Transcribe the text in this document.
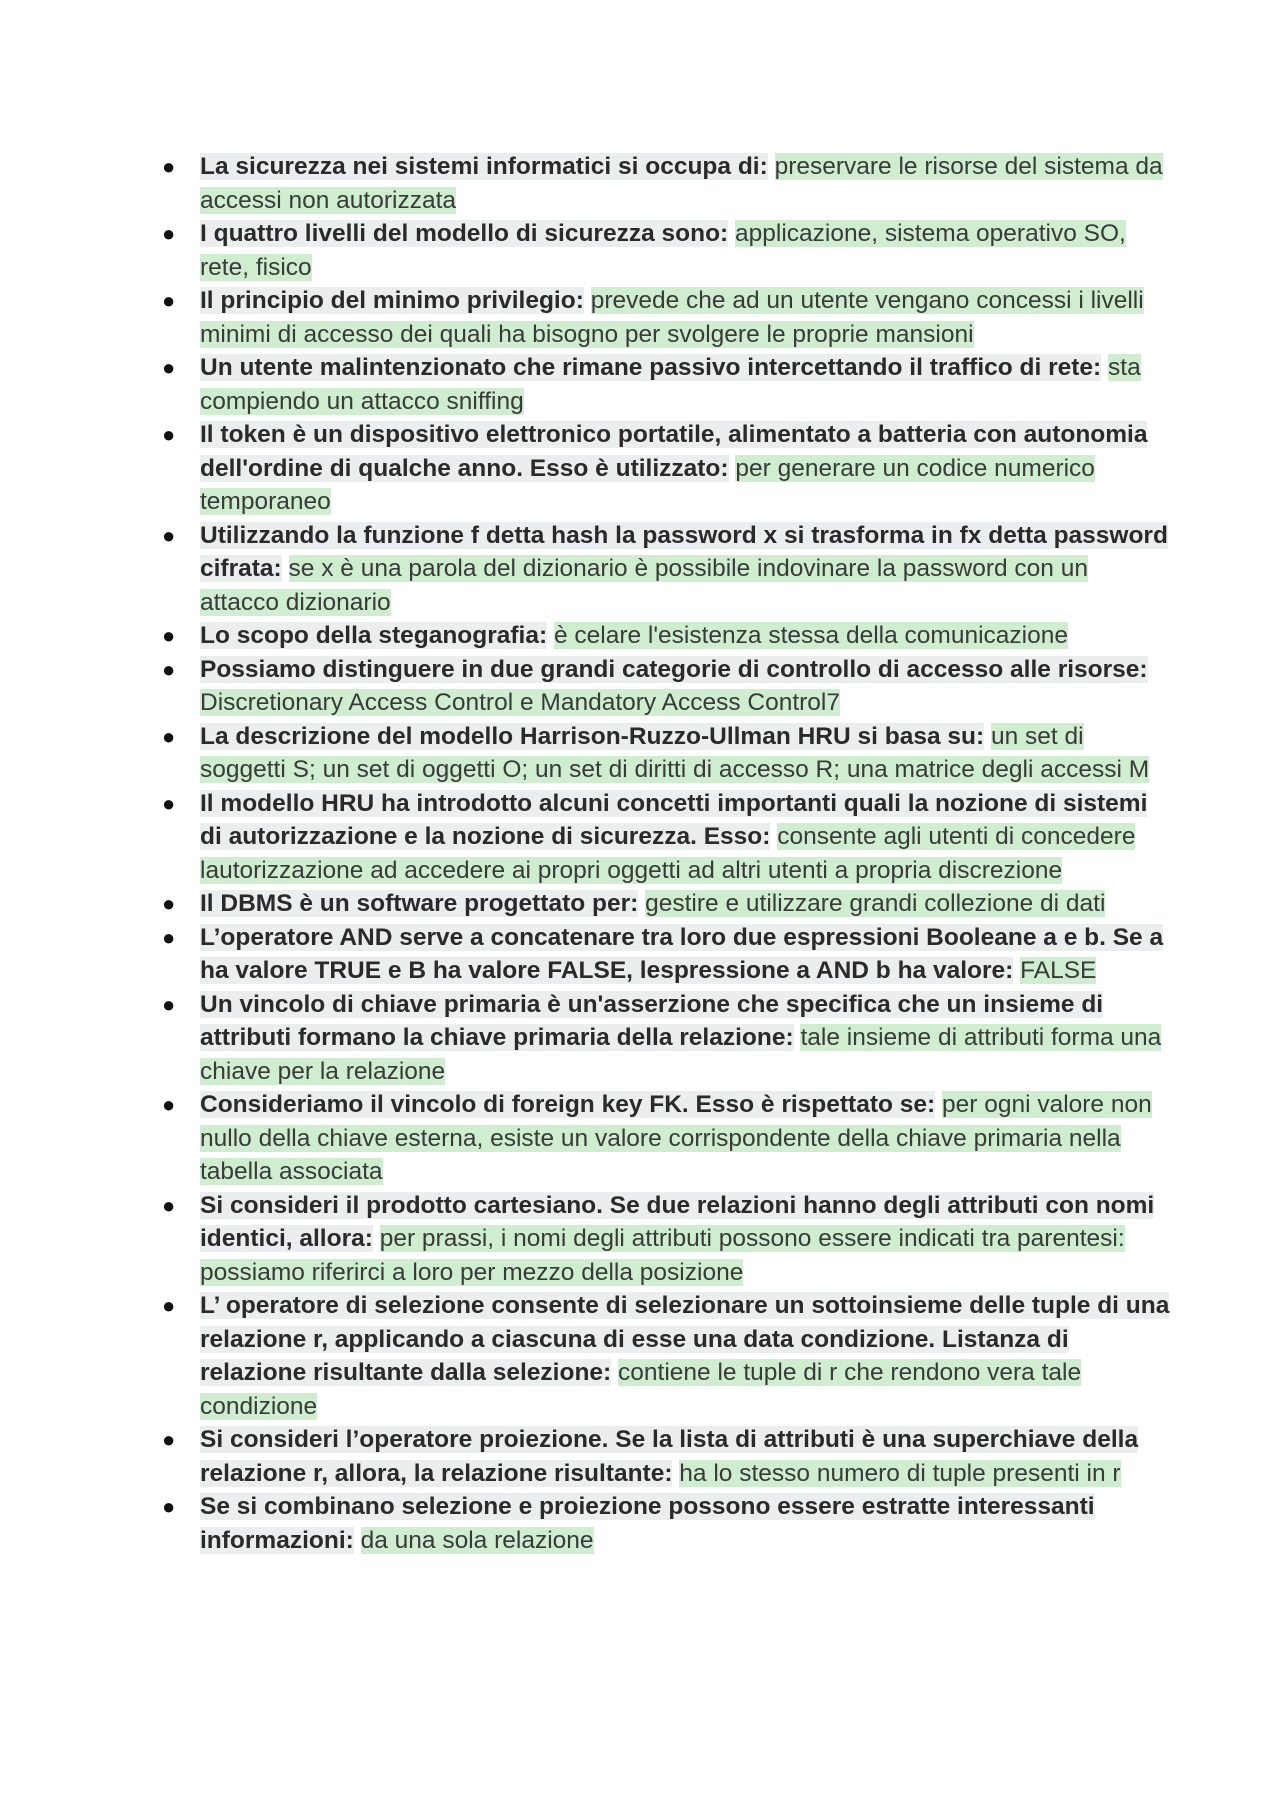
● La sicurezza nei sistemi informatici si occupa di: preservare le risorse del sistema da accessi non autorizzata
● I quattro livelli del modello di sicurezza sono: applicazione, sistema operativo SO, rete, fisico
● Il principio del minimo privilegio: prevede che ad un utente vengano concessi i livelli minimi di accesso dei quali ha bisogno per svolgere le proprie mansioni
● Un utente malintenzionato che rimane passivo intercettando il traffico di rete: sta compiendo un attacco sniffing
● Il token è un dispositivo elettronico portatile, alimentato a batteria con autonomia dell'ordine di qualche anno. Esso è utilizzato: per generare un codice numerico temporaneo
● Utilizzando la funzione f detta hash la password x si trasforma in fx detta password cifrata: se x è una parola del dizionario è possibile indovinare la password con un attacco dizionario
● Lo scopo della steganografia: è celare l'esistenza stessa della comunicazione
● Possiamo distinguere in due grandi categorie di controllo di accesso alle risorse: Discretionary Access Control e Mandatory Access Control7
● La descrizione del modello Harrison-Ruzzo-Ullman HRU si basa su: un set di soggetti S; un set di oggetti O; un set di diritti di accesso R; una matrice degli accessi M
● Il modello HRU ha introdotto alcuni concetti importanti quali la nozione di sistemi di autorizzazione e la nozione di sicurezza. Esso: consente agli utenti di concedere lautorizzazione ad accedere ai propri oggetti ad altri utenti a propria discrezione
● Il DBMS è un software progettato per: gestire e utilizzare grandi collezione di dati
● L’operatore AND serve a concatenare tra loro due espressioni Booleane a e b. Se a ha valore TRUE e B ha valore FALSE, lespressione a AND b ha valore: FALSE
● Un vincolo di chiave primaria è un'asserzione che specifica che un insieme di attributi formano la chiave primaria della relazione: tale insieme di attributi forma una chiave per la relazione
● Consideriamo il vincolo di foreign key FK. Esso è rispettato se: per ogni valore non nullo della chiave esterna, esiste un valore corrispondente della chiave primaria nella tabella associata
● Si consideri il prodotto cartesiano. Se due relazioni hanno degli attributi con nomi identici, allora: per prassi, i nomi degli attributi possono essere indicati tra parentesi: possiamo riferirci a loro per mezzo della posizione
● L’ operatore di selezione consente di selezionare un sottoinsieme delle tuple di una relazione r, applicando a ciascuna di esse una data condizione. Listanza di relazione risultante dalla selezione: contiene le tuple di r che rendono vera tale condizione
● Si consideri l’operatore proiezione. Se la lista di attributi è una superchiave della relazione r, allora, la relazione risultante: ha lo stesso numero di tuple presenti in r
● Se si combinano selezione e proiezione possono essere estratte interessanti informazioni: da una sola relazione
